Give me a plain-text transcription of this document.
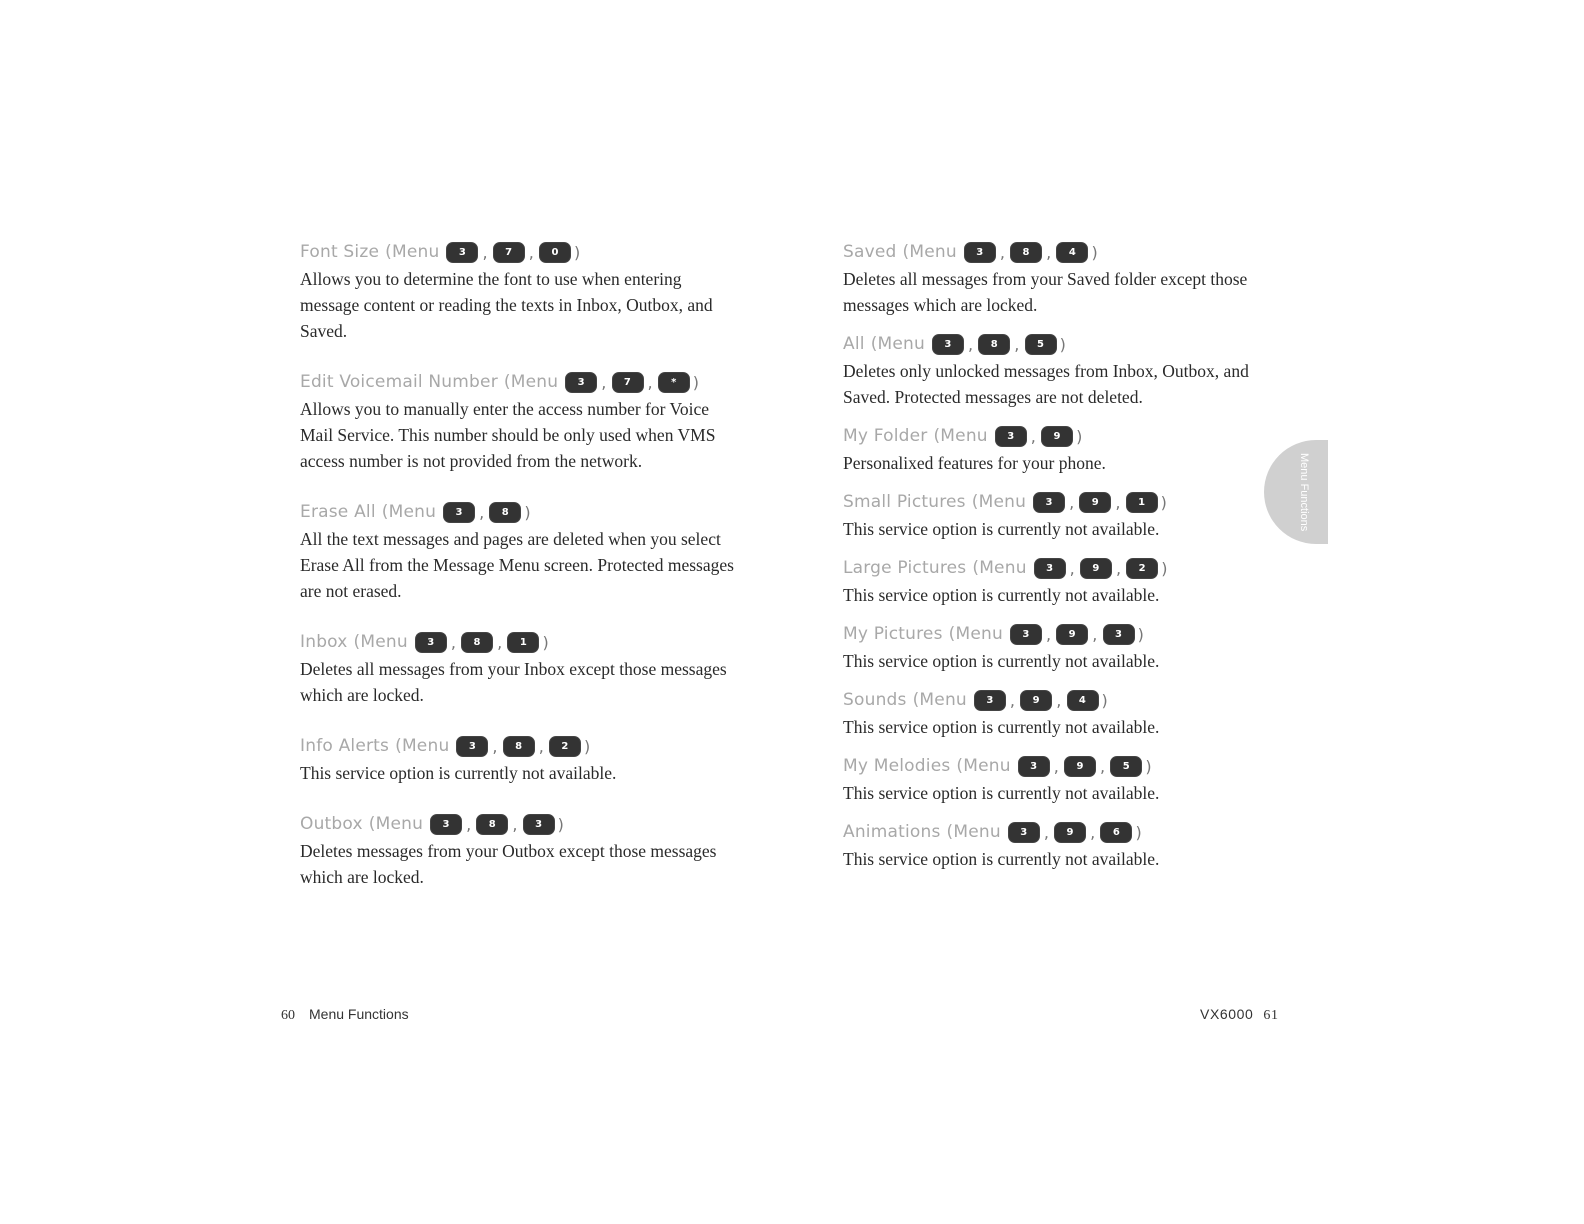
Font Size (Menu	3	,	7	,	0 )
Allows you to determine the font to use when entering message content or reading the texts in Inbox, Outbox, and Saved.
Edit Voicemail Number (Menu	3	,	7	,	*	)
Allows you to manually enter the access number for Voice Mail Service. This number should be only used when VMS access number is not provided from the network.
Erase All (Menu	3	,	8 )
All the text messages and pages are deleted when you select Erase All from the Message Menu screen. Protected messages are not erased.
Inbox (Menu	3	,	8	,	1 )
Deletes all messages from your Inbox except those messages which are locked.
Info Alerts (Menu	3	,	8	,	2 )
This service option is currently not available.
Outbox (Menu	3	,	8	,	3 )
Deletes messages from your Outbox except those messages which are locked.
Saved (Menu	3	,	8	,	4 )
Deletes all messages from your Saved folder except those messages which are locked.
All (Menu	3	,	8	,	5 )
Deletes only unlocked messages from Inbox, Outbox, and Saved. Protected messages are not deleted.
My Folder (Menu	3	,	9 )
Personalixed features for your phone.
Small Pictures (Menu	3	,	9	,	1 )
This service option is currently not available.
Large Pictures (Menu	3	,	9	,	2 )
This service option is currently not available.
My Pictures (Menu	3	,	9	,	3 )
This service option is currently not available.
Sounds (Menu	3	,	9	,	4 )
This service option is currently not available.
My Melodies (Menu	3	,	9	,	5 )
This service option is currently not available.
Animations (Menu	3	,	9	,	6 )
This service option is currently not available.
Menu Functions
60 Menu Functions	VX6000 61
